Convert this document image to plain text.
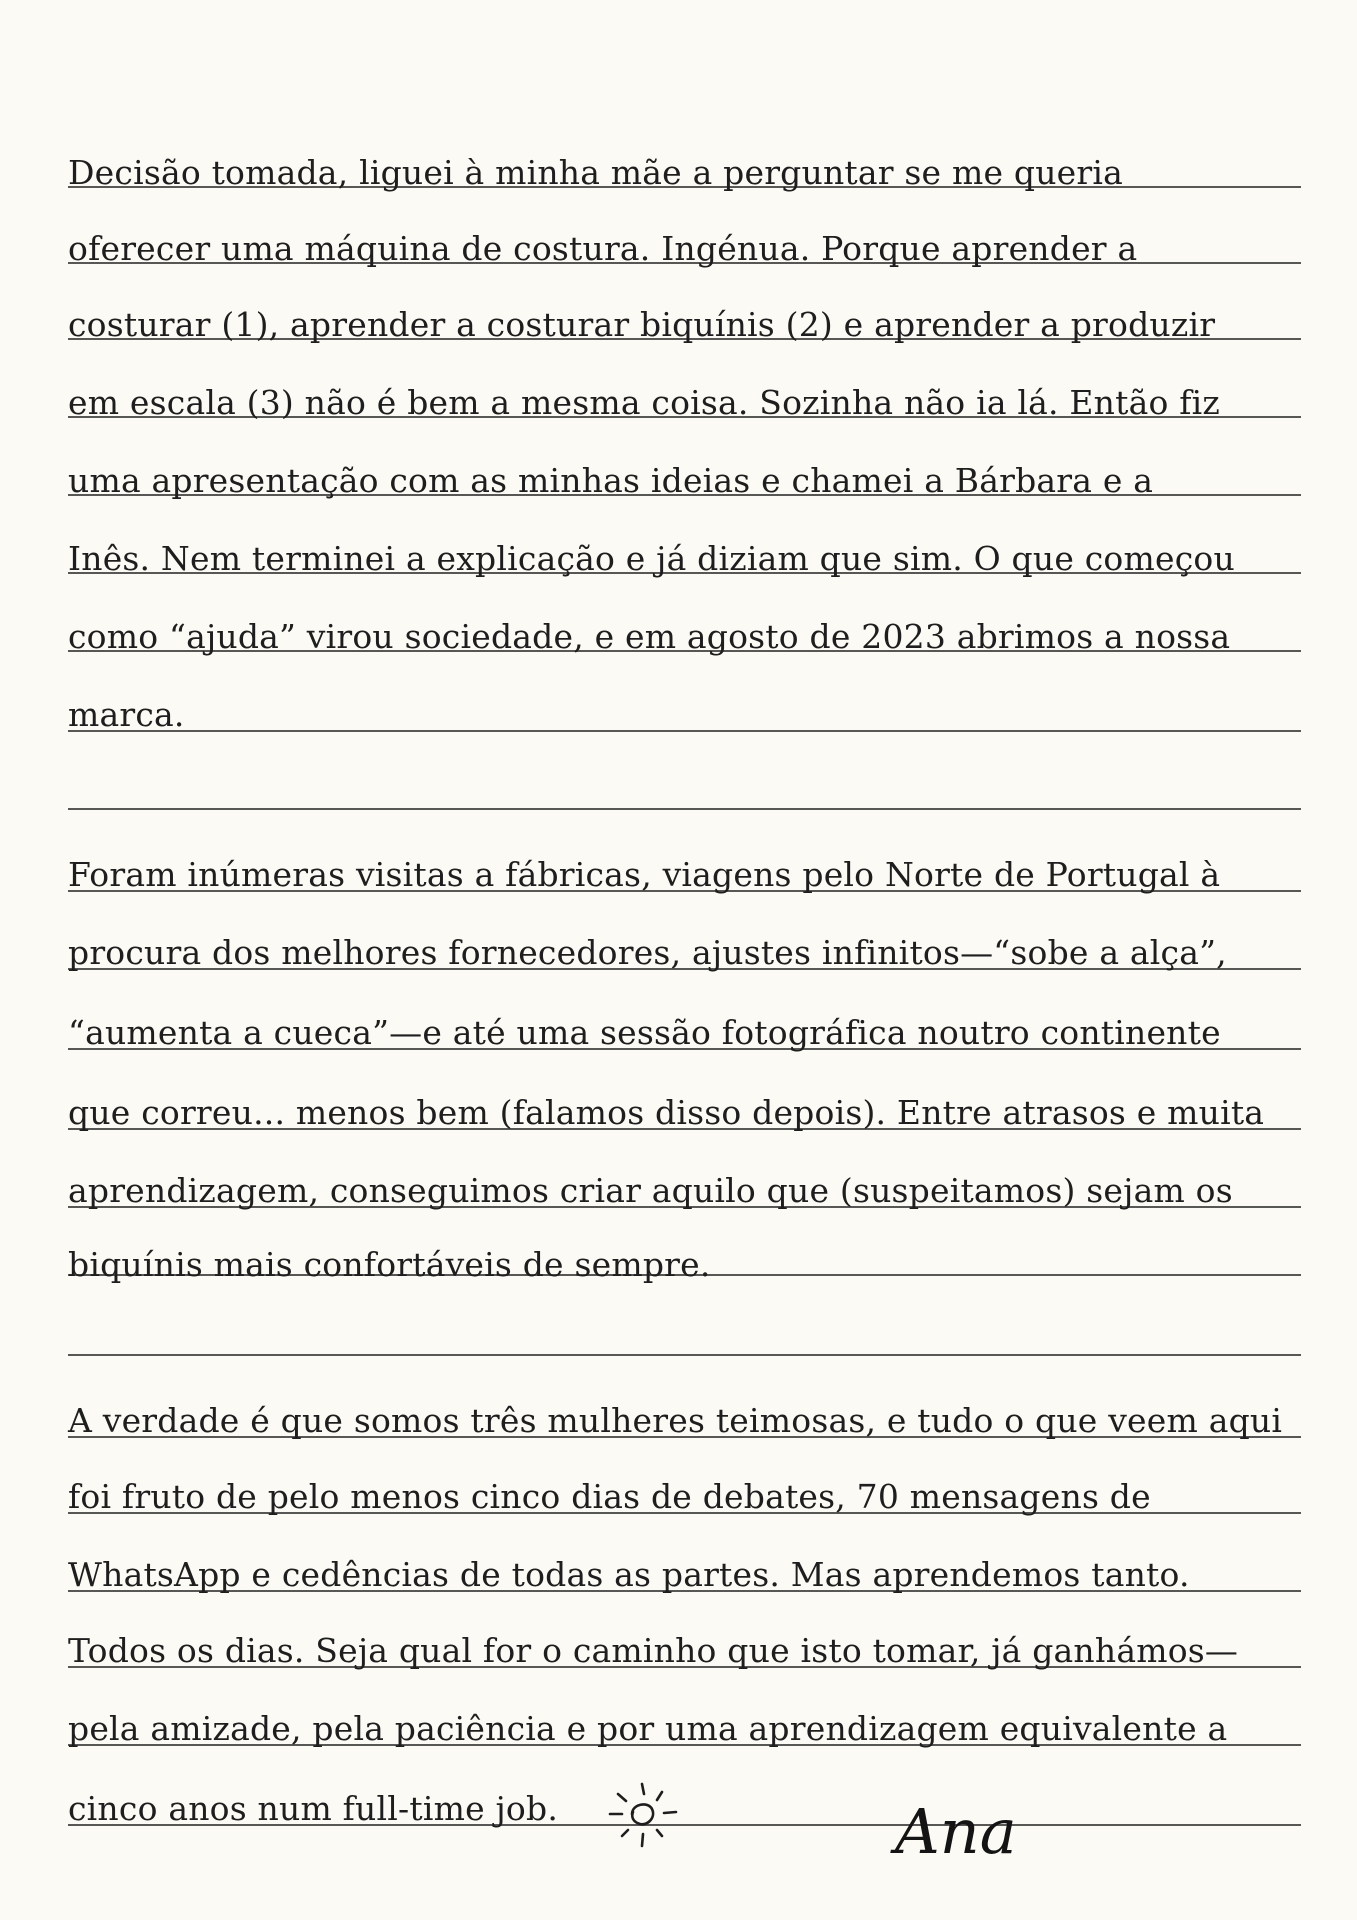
Decisão tomada, liguei à minha mãe a perguntar se me queria
oferecer uma máquina de costura. Ingénua. Porque aprender a
costurar (1), aprender a costurar biquínis (2) e aprender a produzir
em escala (3) não é bem a mesma coisa. Sozinha não ia lá. Então fiz
uma apresentação com as minhas ideias e chamei a Bárbara e a
Inês. Nem terminei a explicação e já diziam que sim. O que começou
como “ajuda” virou sociedade, e em agosto de 2023 abrimos a nossa
marca.
Foram inúmeras visitas a fábricas, viagens pelo Norte de Portugal à
procura dos melhores fornecedores, ajustes infinitos—“sobe a alça”,
“aumenta a cueca”—e até uma sessão fotográfica noutro continente
que correu... menos bem (falamos disso depois). Entre atrasos e muita
aprendizagem, conseguimos criar aquilo que (suspeitamos) sejam os
biquínis mais confortáveis de sempre.
A verdade é que somos três mulheres teimosas, e tudo o que veem aqui
foi fruto de pelo menos cinco dias de debates, 70 mensagens de
WhatsApp e cedências de todas as partes. Mas aprendemos tanto.
Todos os dias. Seja qual for o caminho que isto tomar, já ganhámos—
pela amizade, pela paciência e por uma aprendizagem equivalente a
cinco anos num full-time job.	Ana
